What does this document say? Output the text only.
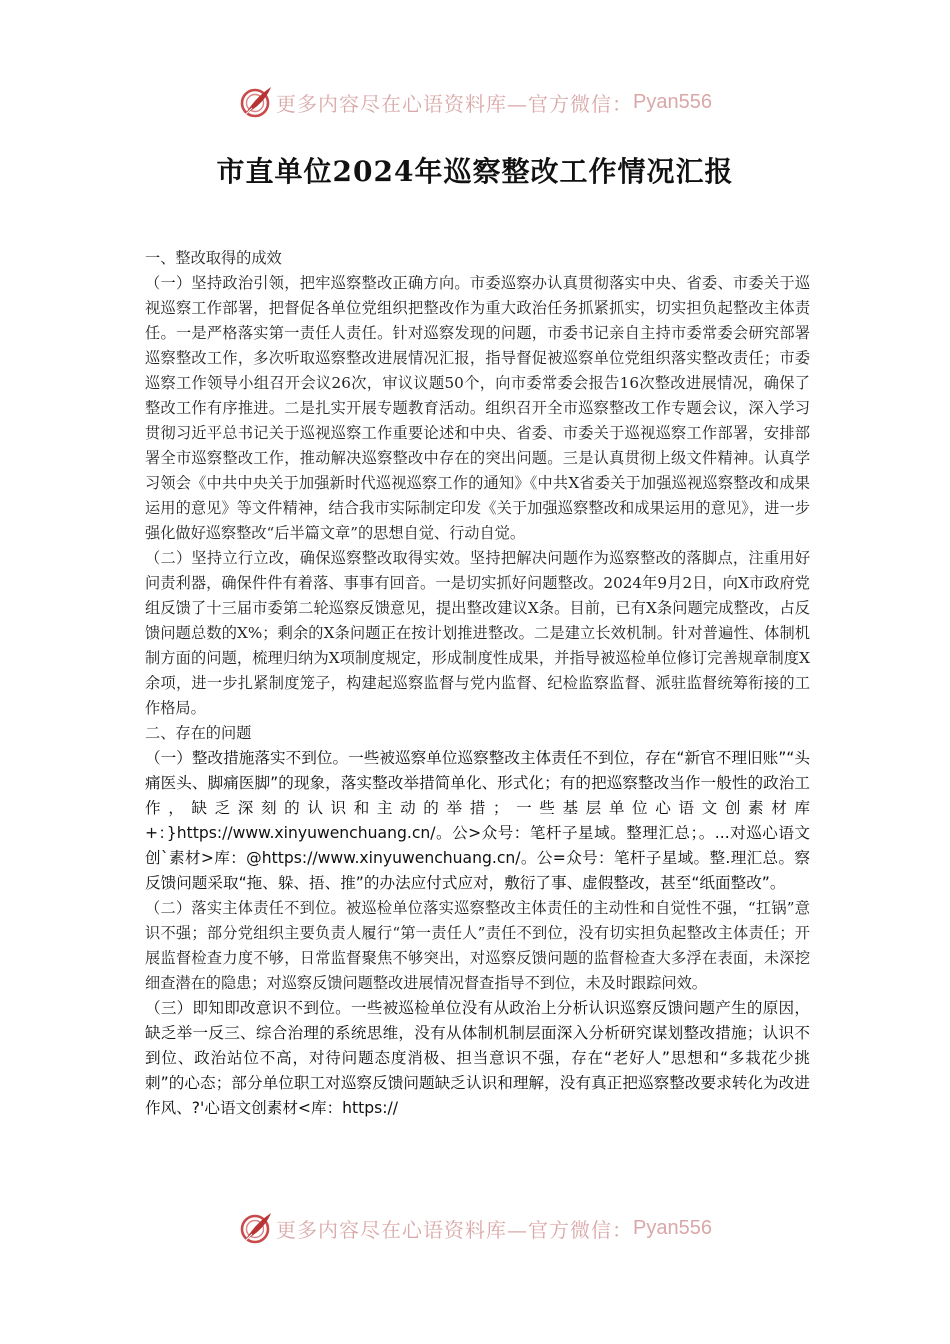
更多内容尽在心语资料库—官方微信： Pyan556
市直单位2024年巡察整改工作情况汇报

一、整改取得的成效

（一）坚持政治引领，把牢巡察整改正确方向。市委巡察办认真贯彻落实中央、省委、市委关于巡视巡察工作部署，把督促各单位党组织把整改作为重大政治任务抓紧抓实，切实担负起整改主体责任。一是严格落实第一责任人责任。针对巡察发现的问题，市委书记亲自主持市委常委会研究部署巡察整改工作，多次听取巡察整改进展情况汇报，指导督促被巡察单位党组织落实整改责任；市委巡察工作领导小组召开会议26次，审议议题50个，向市委常委会报告16次整改进展情况，确保了整改工作有序推进。二是扎实开展专题教育活动。组织召开全市巡察整改工作专题会议，深入学习贯彻习近平总书记关于巡视巡察工作重要论述和中央、省委、市委关于巡视巡察工作部署，安排部署全市巡察整改工作，推动解决巡察整改中存在的突出问题。三是认真贯彻上级文件精神。认真学习领会《中共中央关于加强新时代巡视巡察工作的通知》《中共X省委关于加强巡视巡察整改和成果运用的意见》等文件精神，结合我市实际制定印发《关于加强巡察整改和成果运用的意见》，进一步强化做好巡察整改“后半篇文章”的思想自觉、行动自觉。

（二）坚持立行立改，确保巡察整改取得实效。坚持把解决问题作为巡察整改的落脚点，注重用好问责利器，确保件件有着落、事事有回音。一是切实抓好问题整改。2024年9月2日，向X市政府党组反馈了十三届市委第二轮巡察反馈意见，提出整改建议X条。目前，已有X条问题完成整改，占反馈问题总数的X%；剩余的X条问题正在按计划推进整改。二是建立长效机制。针对普遍性、体制机制方面的问题，梳理归纳为X项制度规定，形成制度性成果，并指导被巡检单位修订完善规章制度X余项，进一步扎紧制度笼子，构建起巡察监督与党内监督、纪检监察监督、派驻监督统筹衔接的工作格局。

二、存在的问题

（一）整改措施落实不到位。一些被巡察单位巡察整改主体责任不到位，存在“新官不理旧账”“头痛医头、脚痛医脚”的现象，落实整改举措简单化、形式化；有的把巡察整改当作一般性的政治工作，缺乏深刻的认识和主动的举措；一些基层单位心语文创素材库+：}https://www.xinyuwenchuang.cn/。公>众号：笔杆子星域。整理汇总；。...对巡心语文创`素材>库：@https://www.xinyuwenchuang.cn/。公=众号：笔杆子星域。整.理汇总。察反馈问题采取“拖、躲、捂、推”的办法应付式应对，敷衍了事、虚假整改，甚至“纸面整改”。

（二）落实主体责任不到位。被巡检单位落实巡察整改主体责任的主动性和自觉性不强，“扛锅”意识不强；部分党组织主要负责人履行“第一责任人”责任不到位，没有切实担负起整改主体责任；开展监督检查力度不够，日常监督聚焦不够突出，对巡察反馈问题的监督检查大多浮在表面，未深挖细查潜在的隐患；对巡察反馈问题整改进展情况督查指导不到位，未及时跟踪问效。

（三）即知即改意识不到位。一些被巡检单位没有从政治上分析认识巡察反馈问题产生的原因，缺乏举一反三、综合治理的系统思维，没有从体制机制层面深入分析研究谋划整改措施；认识不到位、政治站位不高，对待问题态度消极、担当意识不强，存在“老好人”思想和“多栽花少挑刺”的心态；部分单位职工对巡察反馈问题缺乏认识和理解，没有真正把巡察整改要求转化为改进作风、?'心语文创素材<库：https://

更多内容尽在心语资料库—官方微信： Pyan556
